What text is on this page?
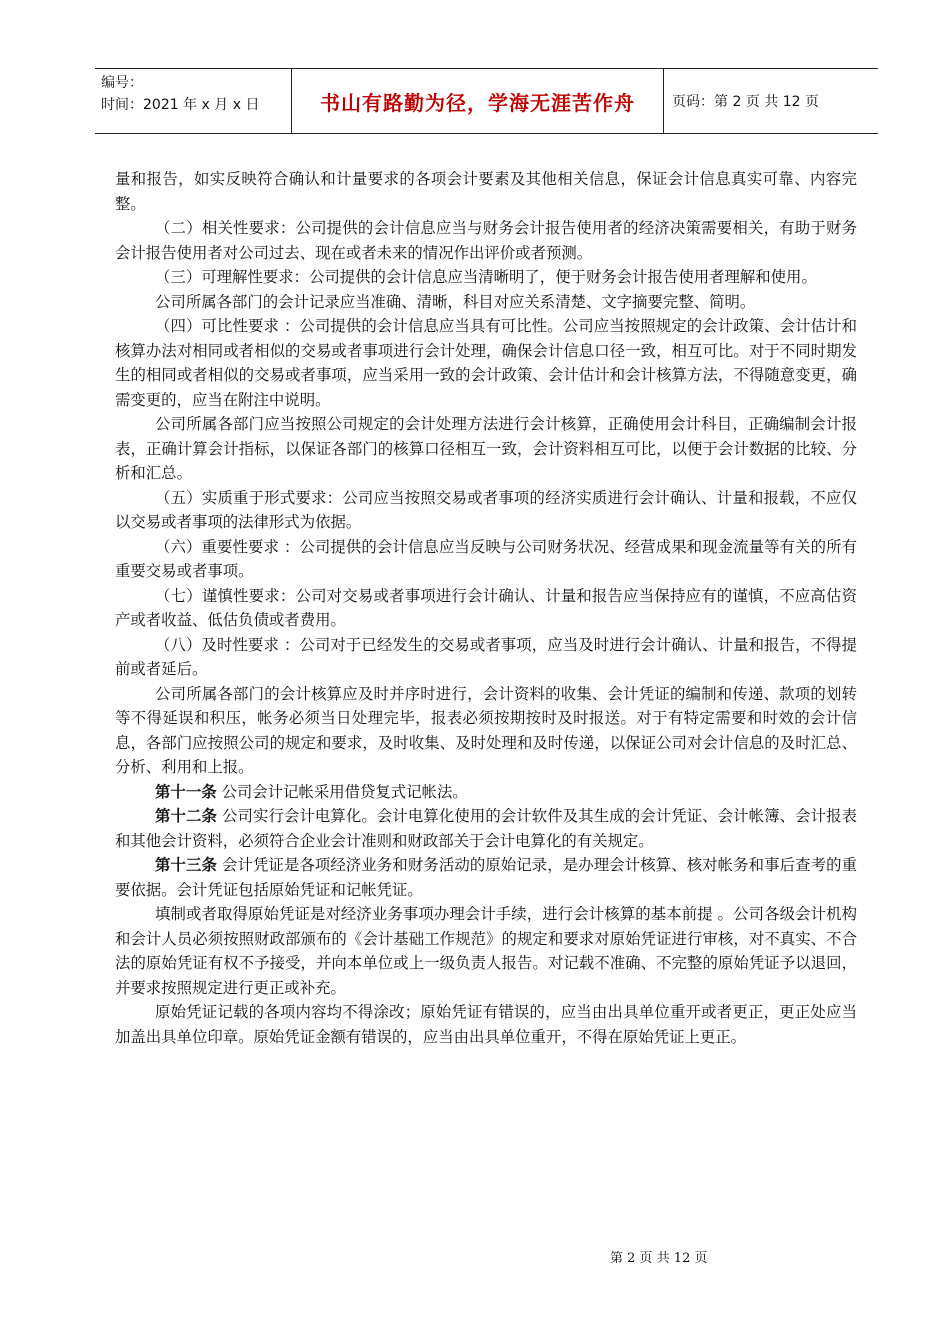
编号：
时间：2021 年 x 月 x 日	书山有路勤为径，学海无涯苦作舟	页码：第 2 页 共 12 页

量和报告，如实反映符合确认和计量要求的各项会计要素及其他相关信息，保证会计信息真实可靠、内容完整。

（二）相关性要求：公司提供的会计信息应当与财务会计报告使用者的经济决策需要相关，有助于财务会计报告使用者对公司过去、现在或者未来的情况作出评价或者预测。

（三）可理解性要求：公司提供的会计信息应当清晰明了，便于财务会计报告使用者理解和使用。

公司所属各部门的会计记录应当准确、清晰，科目对应关系清楚、文字摘要完整、简明。

（四）可比性要求 ：公司提供的会计信息应当具有可比性。公司应当按照规定的会计政策、会计估计和核算办法对相同或者相似的交易或者事项进行会计处理，确保会计信息口径一致，相互可比。对于不同时期发生的相同或者相似的交易或者事项，应当采用一致的会计政策、会计估计和会计核算方法，不得随意变更，确需变更的，应当在附注中说明。

公司所属各部门应当按照公司规定的会计处理方法进行会计核算，正确使用会计科目，正确编制会计报表，正确计算会计指标，以保证各部门的核算口径相互一致，会计资料相互可比，以便于会计数据的比较、分析和汇总。

（五）实质重于形式要求：公司应当按照交易或者事项的经济实质进行会计确认、计量和报载，不应仅以交易或者事项的法律形式为依据。

（六）重要性要求 ：公司提供的会计信息应当反映与公司财务状况、经营成果和现金流量等有关的所有重要交易或者事项。

（七）谨慎性要求：公司对交易或者事项进行会计确认、计量和报告应当保持应有的谨慎，不应高估资产或者收益、低估负债或者费用。

（八）及时性要求 ：公司对于已经发生的交易或者事项，应当及时进行会计确认、计量和报告，不得提前或者延后。

公司所属各部门的会计核算应及时并序时进行，会计资料的收集、会计凭证的编制和传递、款项的划转等不得延误和积压，帐务必须当日处理完毕，报表必须按期按时及时报送。对于有特定需要和时效的会计信息，各部门应按照公司的规定和要求，及时收集、及时处理和及时传递，以保证公司对会计信息的及时汇总、分析、利用和上报。

第十一条 公司会计记帐采用借贷复式记帐法。

第十二条 公司实行会计电算化。会计电算化使用的会计软件及其生成的会计凭证、会计帐簿、会计报表和其他会计资料，必须符合企业会计准则和财政部关于会计电算化的有关规定。

第十三条 会计凭证是各项经济业务和财务活动的原始记录，是办理会计核算、核对帐务和事后查考的重要依据。会计凭证包括原始凭证和记帐凭证。

填制或者取得原始凭证是对经济业务事项办理会计手续，进行会计核算的基本前提 。公司各级会计机构和会计人员必须按照财政部颁布的《会计基础工作规范》的规定和要求对原始凭证进行审核，对不真实、不合法的原始凭证有权不予接受，并向本单位或上一级负责人报告。对记载不准确、不完整的原始凭证予以退回，并要求按照规定进行更正或补充。

原始凭证记载的各项内容均不得涂改；原始凭证有错误的，应当由出具单位重开或者更正，更正处应当加盖出具单位印章。原始凭证金额有错误的，应当由出具单位重开，不得在原始凭证上更正。

第 2 页 共 12 页
